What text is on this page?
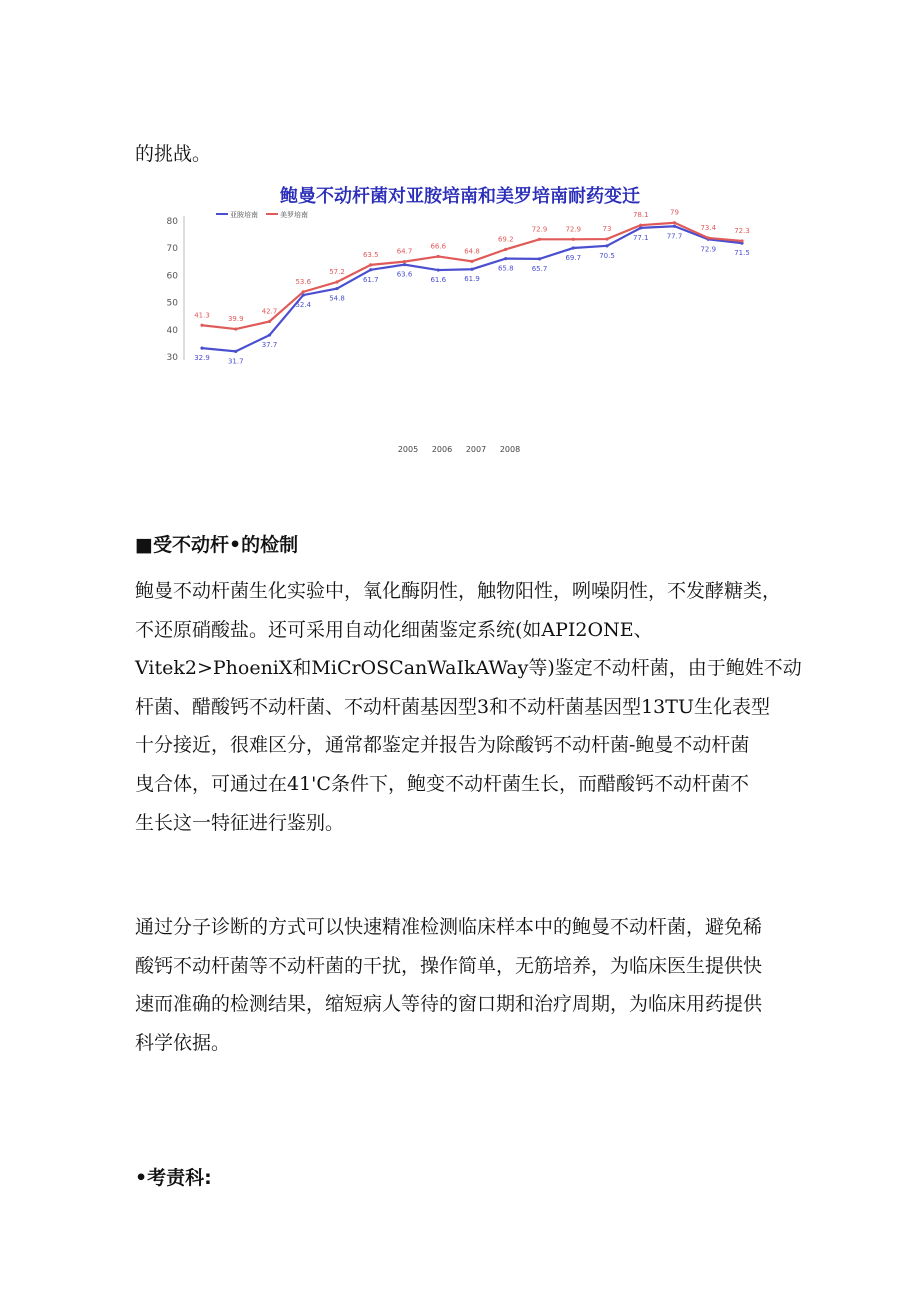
的挑战。
鲍曼不动杆菌对亚胺培南和美罗培南耐药变迁
80
70
60
50
40
30
2005 2006 2007 2008
亚胺培南	美罗培南
32.9	31.7
37.7
52.4
54.8
61.7
63.6
61.6	61.9
65.8	65.7
69.7	70.5
77.1	77.7
72.9	71.5
41.3	39.9
42.7
53.6
57.2
63.5	64.7
66.6
64.8
69.2
72.9	72.9	73
78.1	79
73.4	72.3
■受不动杆•的检制
鲍曼不动杆菌生化实验中，氧化酶阴性，触物阳性，咧噪阴性，不发酵糖类，
不还原硝酸盐。还可采用自动化细菌鉴定系统(如API2ONE、
Vitek2>PhoeniX和MiCrOSCanWaIkAWay等)鉴定不动杆菌，由于鲍姓不动
杆菌、醋酸钙不动杆菌、不动杆菌基因型3和不动杆菌基因型13TU生化表型
十分接近，很难区分，通常都鉴定并报告为除酸钙不动杆菌-鲍曼不动杆菌
曳合体，可通过在41'C条件下，鲍变不动杆菌生长，而醋酸钙不动杆菌不
生长这一特征进行鉴别。
通过分子诊断的方式可以快速精准检测临床样本中的鲍曼不动杆菌，避免稀
酸钙不动杆菌等不动杆菌的干扰，操作简单，无筋培养，为临床医生提供快
速而准确的检测结果，缩短病人等待的窗口期和治疗周期，为临床用药提供
科学依据。
•考责科:
